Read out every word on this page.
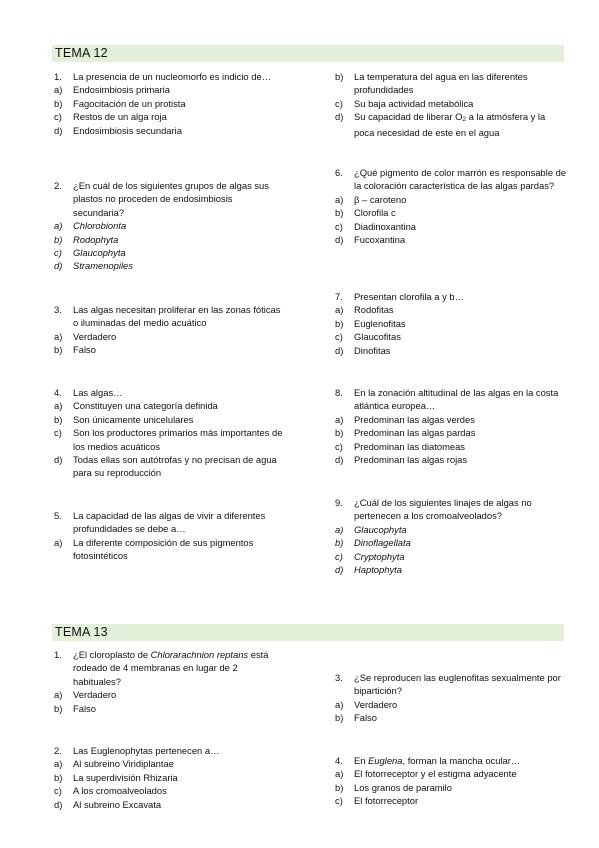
TEMA 12
1.	La presencia de un nucleomorfo es indicio de…
a)	Endosimbiosis primaria
b)	Fagocitación de un protista
c)	Restos de un alga roja
d)	Endosimbiosis secundaria
2.	¿En cuál de los siguientes grupos de algas sus plastos no proceden de endosimbiosis secundaria?
a)	Chlorobionta
b)	Rodophyta
c)	Glaucophyta
d)	Stramenopiles
3.	Las algas necesitan proliferar en las zonas fóticas o iluminadas del medio acuático
a)	Verdadero
b)	Falso
4.	Las algas…
a)	Constituyen una categoría definida
b)	Son únicamente unicelulares
c)	Son los productores primarios más importantes de los medios acuáticos
d)	Todas ellas son autótrofas y no precisan de agua para su reproducción
5.	La capacidad de las algas de vivir a diferentes profundidades se debe a…
a)	La diferente composición de sus pigmentos fotosintéticos
b)	La temperatura del agua en las diferentes profundidades
c)	Su baja actividad metabólica
d)	Su capacidad de liberar $O_2$ a la atmósfera y la poca necesidad de este en el agua
6.	¿Qué pigmento de color marrón es responsable de la coloración característica de las algas pardas?
a)	β – caroteno
b)	Clorofila c
c)	Diadinoxantina
d)	Fucoxantina
7.	Presentan clorofila a y b…
a)	Rodofitas
b)	Euglenofitas
c)	Glaucofitas
d)	Dinofitas
8.	En la zonación altitudinal de las algas en la costa atlántica europea…
a)	Predominan las algas verdes
b)	Predominan las algas pardas
c)	Predominan las diatomeas
d)	Predominan las algas rojas
9.	¿Cuál de los siguientes linajes de algas no pertenecen a los cromoalveolados?
a)	Glaucophyta
b)	Dinoflagellata
c)	Cryptophyta
d)	Haptophyta
TEMA 13
1.	¿El cloroplasto de Chlorarachnion reptans está rodeado de 4 membranas en lugar de 2 habituales?
a)	Verdadero
b)	Falso
2.	Las Euglenophytas pertenecen a…
a)	Al subreino Viridiplantae
b)	La superdivisión Rhizaria
c)	A los cromoalveolados
d)	Al subreino Excavata
3.	¿Se reproducen las euglenofitas sexualmente por bipartición?
a)	Verdadero
b)	Falso
4.	En Euglena, forman la mancha ocular…
a)	El fotorreceptor y el estigma adyacente
b)	Los granos de paramilo
c)	El fotorreceptor
